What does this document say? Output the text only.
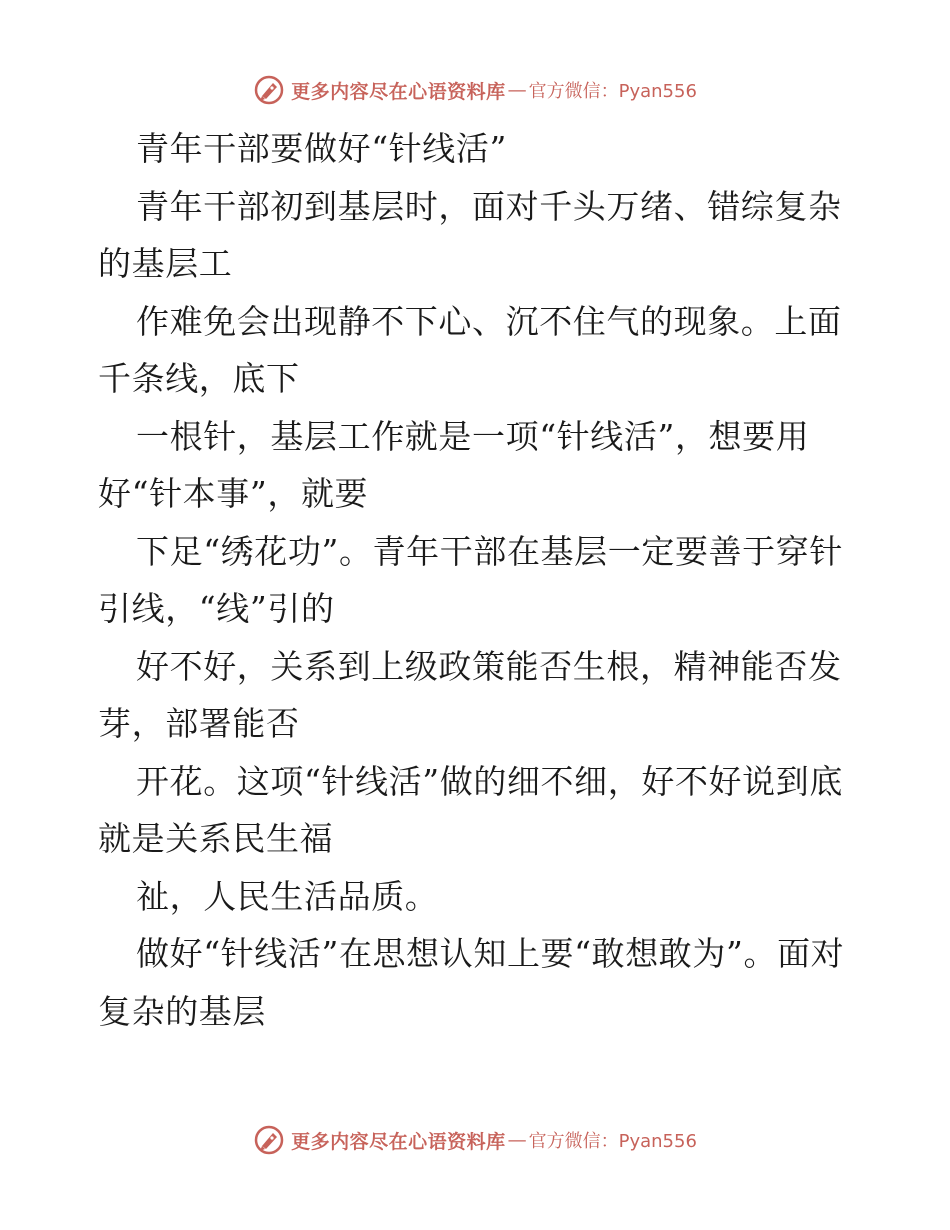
更多内容尽在心语资料库 — 官方微信：Pyan556

青年干部要做好“针线活”

青年干部初到基层时，面对千头万绪、错综复杂的基层工

作难免会出现静不下心、沉不住气的现象。上面千条线，底下

一根针，基层工作就是一项“针线活”，想要用好“针本事”，就要

下足“绣花功”。青年干部在基层一定要善于穿针引线，“线”引的

好不好，关系到上级政策能否生根，精神能否发芽，部署能否

开花。这项“针线活”做的细不细，好不好说到底就是关系民生福

祉，人民生活品质。

做好“针线活”在思想认知上要“敢想敢为”。面对复杂的基层

更多内容尽在心语资料库 — 官方微信：Pyan556
